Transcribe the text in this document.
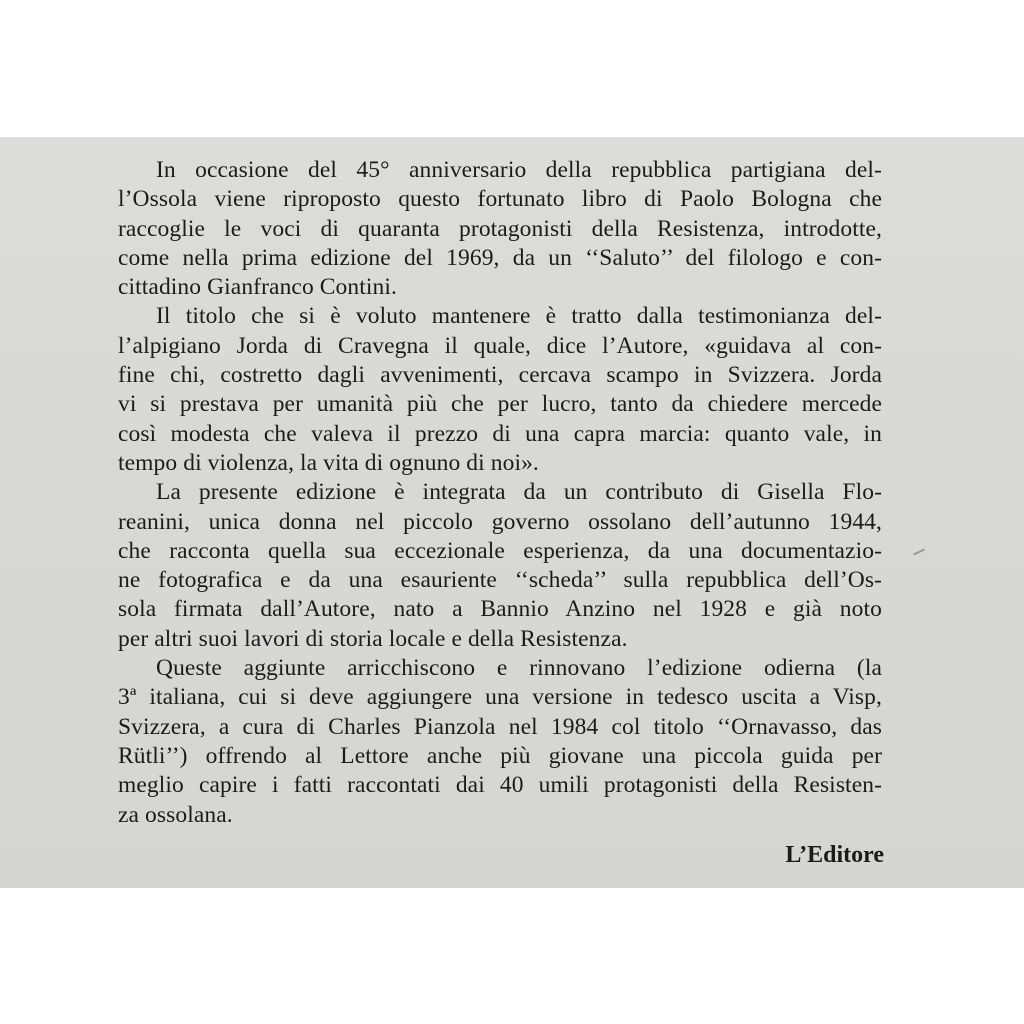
In occasione del 45° anniversario della repubblica partigiana del-
l’Ossola viene riproposto questo fortunato libro di Paolo Bologna che
raccoglie le voci di quaranta protagonisti della Resistenza, introdotte,
come nella prima edizione del 1969, da un ‘‘Saluto’’ del filologo e con-
cittadino Gianfranco Contini.
Il titolo che si è voluto mantenere è tratto dalla testimonianza del-
l’alpigiano Jorda di Cravegna il quale, dice l’Autore, «guidava al con-
fine chi, costretto dagli avvenimenti, cercava scampo in Svizzera. Jorda
vi si prestava per umanità più che per lucro, tanto da chiedere mercede
così modesta che valeva il prezzo di una capra marcia: quanto vale, in
tempo di violenza, la vita di ognuno di noi».
La presente edizione è integrata da un contributo di Gisella Flo-
reanini, unica donna nel piccolo governo ossolano dell’autunno 1944,
che racconta quella sua eccezionale esperienza, da una documentazio-
ne fotografica e da una esauriente ‘‘scheda’’ sulla repubblica dell’Os-
sola firmata dall’Autore, nato a Bannio Anzino nel 1928 e già noto
per altri suoi lavori di storia locale e della Resistenza.
Queste aggiunte arricchiscono e rinnovano l’edizione odierna (la
3ª italiana, cui si deve aggiungere una versione in tedesco uscita a Visp,
Svizzera, a cura di Charles Pianzola nel 1984 col titolo ‘‘Ornavasso, das
Rütli’’) offrendo al Lettore anche più giovane una piccola guida per
meglio capire i fatti raccontati dai 40 umili protagonisti della Resisten-
za ossolana.
L’Editore
